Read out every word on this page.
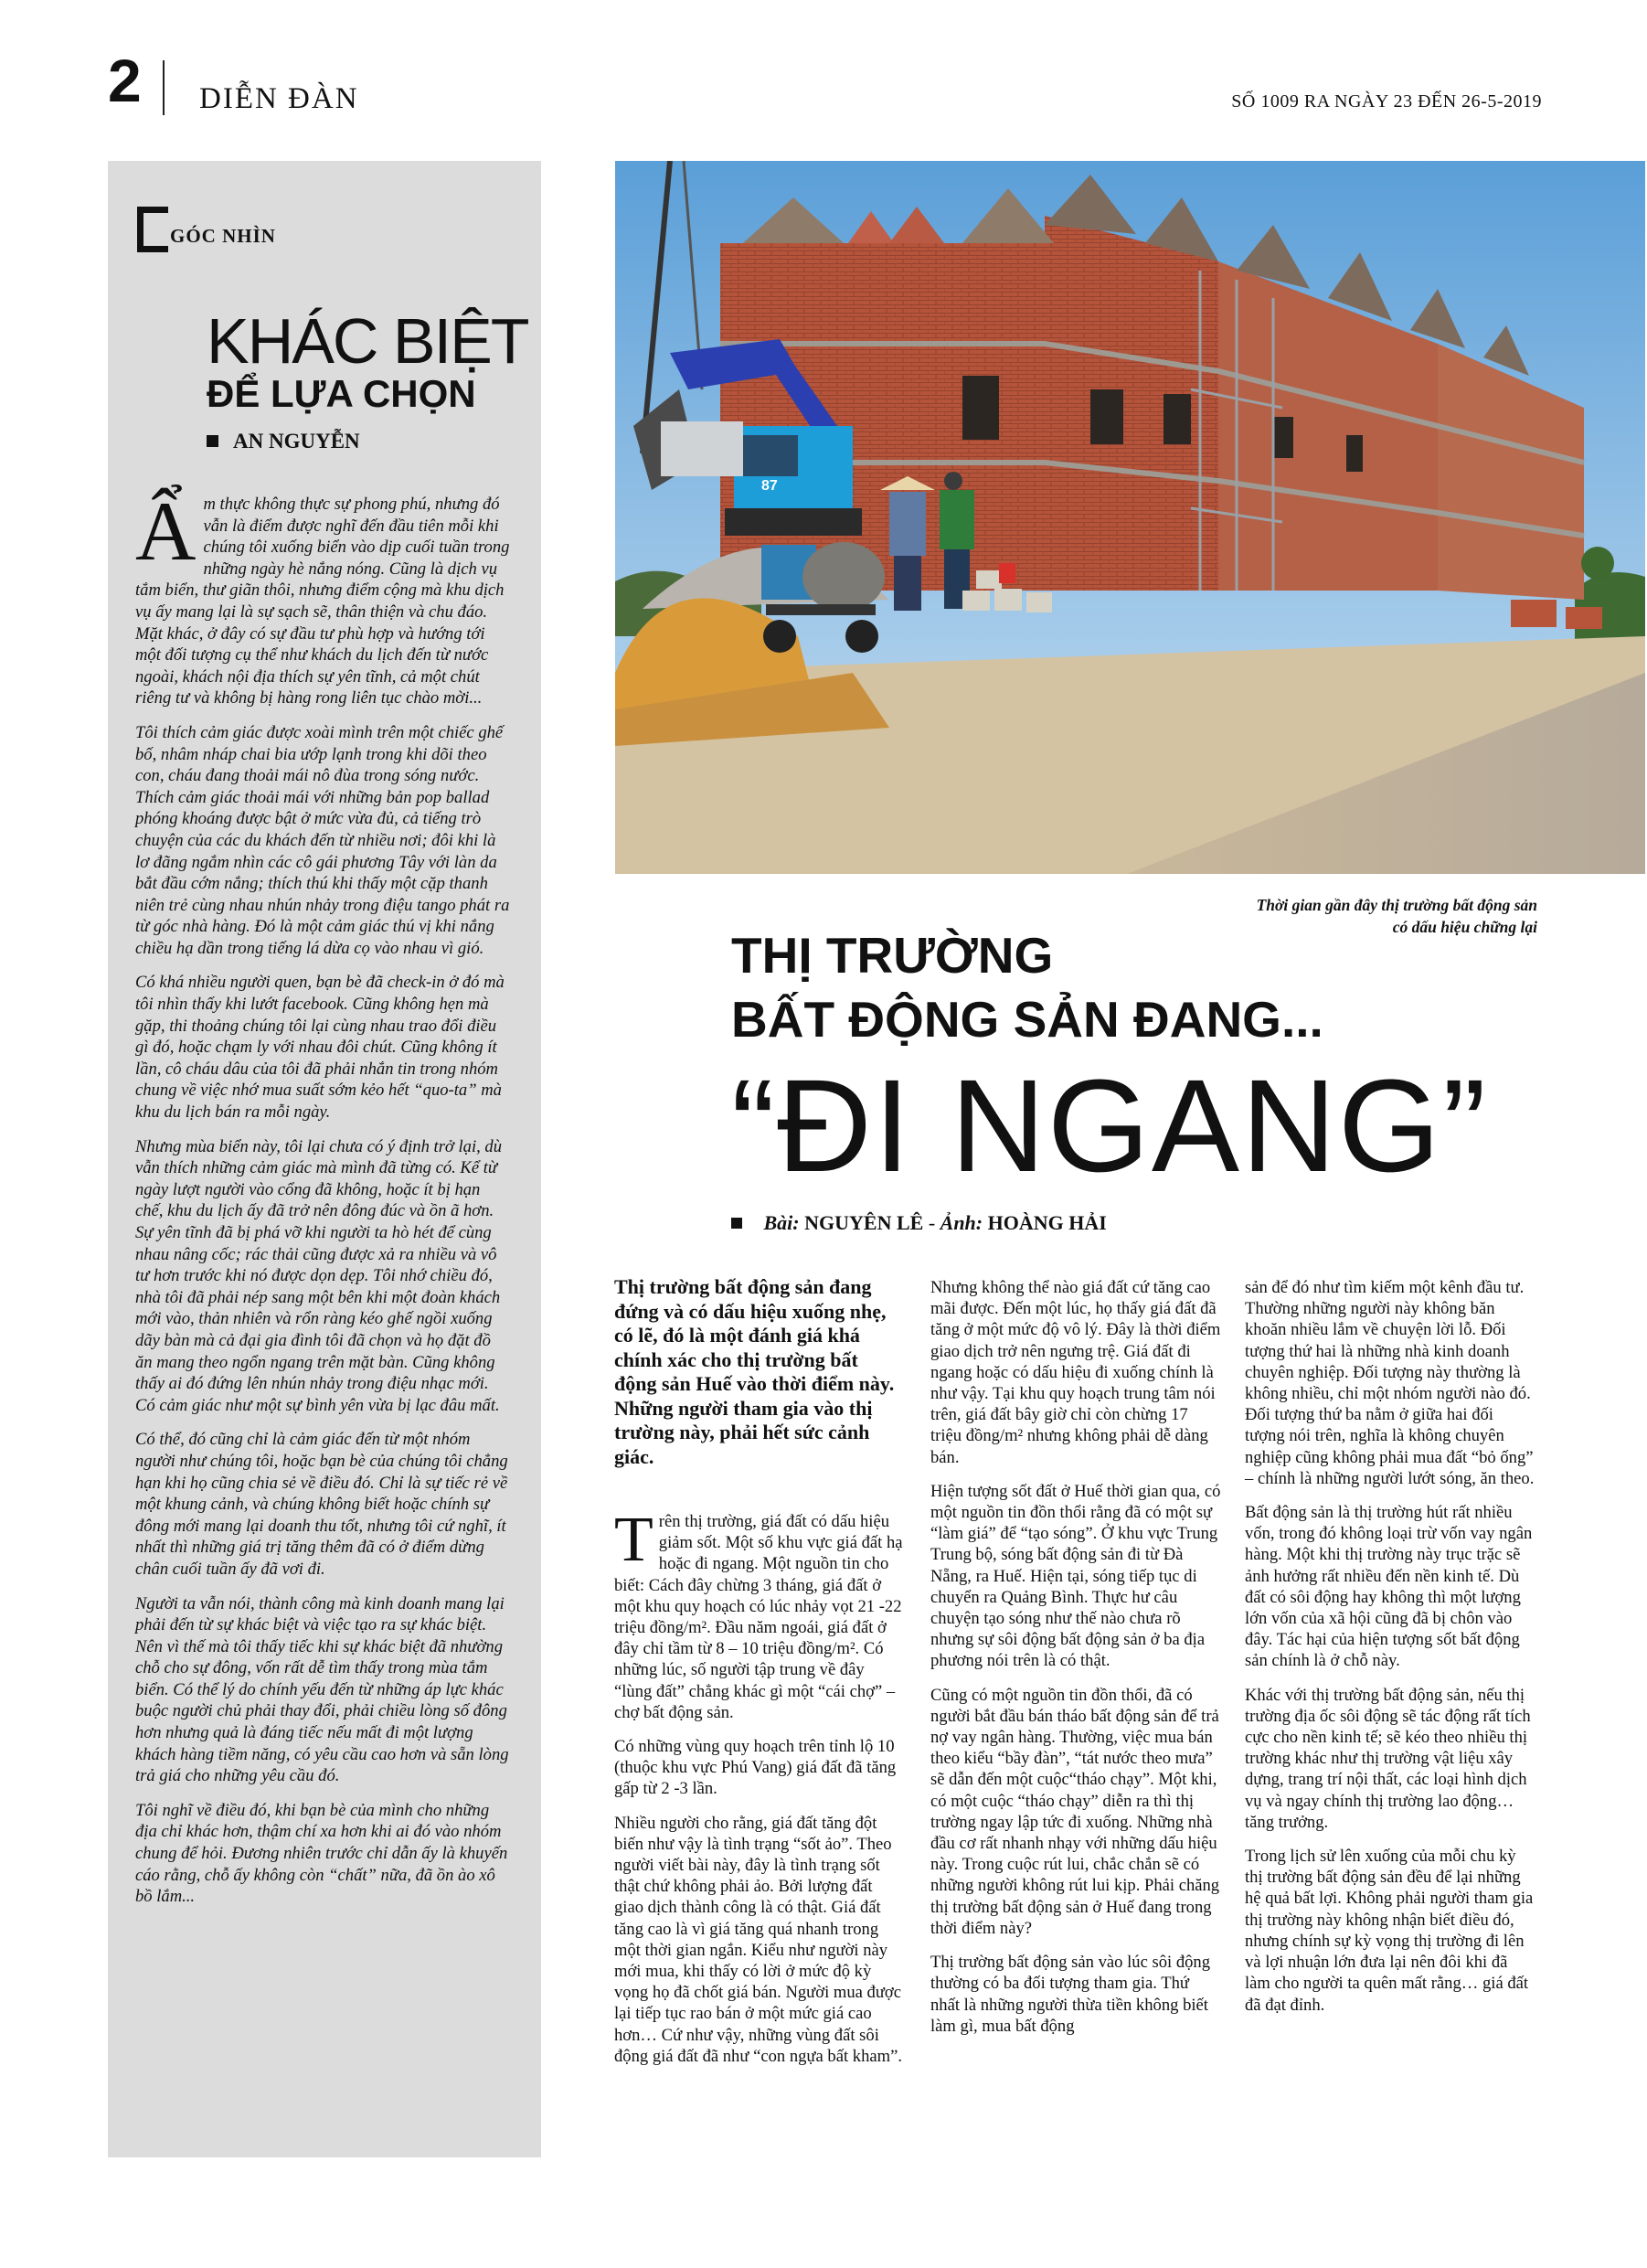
2 DIỄN ĐÀN	SỐ 1009 RA NGÀY 23 ĐẾN 26-5-2019
GÓC NHÌN
KHÁC BIỆT
ĐỂ LỰA CHỌN
AN NGUYỄN

Ẩm thực không thực sự phong phú, nhưng đó vẫn là điểm được nghĩ đến đầu tiên mỗi khi chúng tôi xuống biển vào dịp cuối tuần trong những ngày hè nắng nóng. Cũng là dịch vụ tắm biển, thư giãn thôi, nhưng điểm cộng mà khu dịch vụ ấy mang lại là sự sạch sẽ, thân thiện và chu đáo. Mặt khác, ở đây có sự đầu tư phù hợp và hướng tới một đối tượng cụ thể như khách du lịch đến từ nước ngoài, khách nội địa thích sự yên tĩnh, cả một chút riêng tư và không bị hàng rong liên tục chào mời...

Tôi thích cảm giác được xoài mình trên một chiếc ghế bố, nhâm nháp chai bia ướp lạnh trong khi dõi theo con, cháu đang thoải mái nô đùa trong sóng nước. Thích cảm giác thoải mái với những bản pop ballad phóng khoáng được bật ở mức vừa đủ, cả tiếng trò chuyện của các du khách đến từ nhiều nơi; đôi khi là lơ đãng ngắm nhìn các cô gái phương Tây với làn da bắt đầu cớm nắng; thích thú khi thấy một cặp thanh niên trẻ cùng nhau nhún nhảy trong điệu tango phát ra từ góc nhà hàng. Đó là một cảm giác thú vị khi nắng chiều hạ dần trong tiếng lá dừa cọ vào nhau vì gió.

Có khá nhiều người quen, bạn bè đã check-in ở đó mà tôi nhìn thấy khi lướt facebook. Cũng không hẹn mà gặp, thi thoảng chúng tôi lại cùng nhau trao đổi điều gì đó, hoặc chạm ly với nhau đôi chút. Cũng không ít lần, cô cháu dâu của tôi đã phải nhắn tin trong nhóm chung về việc nhớ mua suất sớm kẻo hết “quo-ta” mà khu du lịch bán ra mỗi ngày.

Nhưng mùa biển này, tôi lại chưa có ý định trở lại, dù vẫn thích những cảm giác mà mình đã từng có. Kể từ ngày lượt người vào cổng đã không, hoặc ít bị hạn chế, khu du lịch ấy đã trở nên đông đúc và ồn ã hơn. Sự yên tĩnh đã bị phá vỡ khi người ta hò hét để cùng nhau nâng cốc; rác thải cũng được xả ra nhiều và vô tư hơn trước khi nó được dọn dẹp. Tôi nhớ chiều đó, nhà tôi đã phải nép sang một bên khi một đoàn khách mới vào, thản nhiên và rổn ràng kéo ghế ngồi xuống dãy bàn mà cả đại gia đình tôi đã chọn và họ đặt đồ ăn mang theo ngổn ngang trên mặt bàn. Cũng không thấy ai đó đứng lên nhún nhảy trong điệu nhạc mới. Có cảm giác như một sự bình yên vừa bị lạc đâu mất.

Có thể, đó cũng chỉ là cảm giác đến từ một nhóm người như chúng tôi, hoặc bạn bè của chúng tôi chẳng hạn khi họ cũng chia sẻ về điều đó. Chỉ là sự tiếc rẻ về một khung cảnh, và chúng không biết hoặc chính sự đông mới mang lại doanh thu tốt, nhưng tôi cứ nghĩ, ít nhất thì những giá trị tăng thêm đã có ở điểm dừng chân cuối tuần ấy đã vơi đi.

Người ta vẫn nói, thành công mà kinh doanh mang lại phải đến từ sự khác biệt và việc tạo ra sự khác biệt. Nên vì thế mà tôi thấy tiếc khi sự khác biệt đã nhường chỗ cho sự đông, vốn rất dễ tìm thấy trong mùa tắm biển. Có thể lý do chính yếu đến từ những áp lực khác buộc người chủ phải thay đổi, phải chiều lòng số đông hơn nhưng quả là đáng tiếc nếu mất đi một lượng khách hàng tiềm năng, có yêu cầu cao hơn và sẵn lòng trả giá cho những yêu cầu đó.

Tôi nghĩ về điều đó, khi bạn bè của mình cho những địa chỉ khác hơn, thậm chí xa hơn khi ai đó vào nhóm chung để hỏi. Đương nhiên trước chỉ dẫn ấy là khuyến cáo rằng, chỗ ấy không còn “chất” nữa, đã ồn ào xô bồ lắm...

87
Thời gian gần đây thị trường bất động sản
có dấu hiệu chững lại
THỊ TRƯỜNG
BẤT ĐỘNG SẢN ĐANG...
“ĐI NGANG”
Bài: NGUYÊN LÊ - Ảnh: HOÀNG HẢI

Thị trường bất động sản đang đứng và có dấu hiệu xuống nhẹ, có lẽ, đó là một đánh giá khá chính xác cho thị trường bất động sản Huế vào thời điểm này. Những người tham gia vào thị trường này, phải hết sức cảnh giác.

Trên thị trường, giá đất có dấu hiệu giảm sốt. Một số khu vực giá đất hạ hoặc đi ngang. Một nguồn tin cho biết: Cách đây chừng 3 tháng, giá đất ở một khu quy hoạch có lúc nhảy vọt 21 -22 triệu đồng/m². Đầu năm ngoái, giá đất ở đây chỉ tầm từ 8 – 10 triệu đồng/m². Có những lúc, số người tập trung về đây “lùng đất” chẳng khác gì một “cái chợ” – chợ bất động sản.

Có những vùng quy hoạch trên tỉnh lộ 10 (thuộc khu vực Phú Vang) giá đất đã tăng gấp từ 2 -3 lần.

Nhiều người cho rằng, giá đất tăng đột biến như vậy là tình trạng “sốt ảo”. Theo người viết bài này, đây là tình trạng sốt thật chứ không phải ảo. Bởi lượng đất giao dịch thành công là có thật. Giá đất tăng cao là vì giá tăng quá nhanh trong một thời gian ngắn. Kiểu như người này mới mua, khi thấy có lời ở mức độ kỳ vọng họ đã chốt giá bán. Người mua được lại tiếp tục rao bán ở một mức giá cao hơn… Cứ như vậy, những vùng đất sôi động giá đất đã như “con ngựa bất kham”.

Nhưng không thể nào giá đất cứ tăng cao mãi được. Đến một lúc, họ thấy giá đất đã tăng ở một mức độ vô lý. Đây là thời điểm giao dịch trở nên ngưng trệ. Giá đất đi ngang hoặc có dấu hiệu đi xuống chính là như vậy. Tại khu quy hoạch trung tâm nói trên, giá đất bây giờ chỉ còn chừng 17 triệu đồng/m² nhưng không phải dễ dàng bán.

Hiện tượng sốt đất ở Huế thời gian qua, có một nguồn tin đồn thổi rằng đã có một sự “làm giá” để “tạo sóng”. Ở khu vực Trung Trung bộ, sóng bất động sản đi từ Đà Nẵng, ra Huế. Hiện tại, sóng tiếp tục di chuyển ra Quảng Bình. Thực hư câu chuyện tạo sóng như thế nào chưa rõ nhưng sự sôi động bất động sản ở ba địa phương nói trên là có thật.

Cũng có một nguồn tin đồn thổi, đã có người bắt đầu bán tháo bất động sản để trả nợ vay ngân hàng. Thường, việc mua bán theo kiểu “bầy đàn”, “tát nước theo mưa” sẽ dẫn đến một cuộc“tháo chạy”. Một khi, có một cuộc “tháo chạy” diễn ra thì thị trường ngay lập tức đi xuống. Những nhà đầu cơ rất nhanh nhạy với những dấu hiệu này. Trong cuộc rút lui, chắc chắn sẽ có những người không rút lui kịp. Phải chăng thị trường bất động sản ở Huế đang trong thời điểm này?

Thị trường bất động sản vào lúc sôi động thường có ba đối tượng tham gia. Thứ nhất là những người thừa tiền không biết làm gì, mua bất động

sản để đó như tìm kiếm một kênh đầu tư. Thường những người này không băn khoăn nhiều lắm về chuyện lời lỗ. Đối tượng thứ hai là những nhà kinh doanh chuyên nghiệp. Đối tượng này thường là không nhiều, chỉ một nhóm người nào đó. Đối tượng thứ ba nằm ở giữa hai đối tượng nói trên, nghĩa là không chuyên nghiệp cũng không phải mua đất “bỏ ống” – chính là những người lướt sóng, ăn theo.

Bất động sản là thị trường hút rất nhiều vốn, trong đó không loại trừ vốn vay ngân hàng. Một khi thị trường này trục trặc sẽ ảnh hưởng rất nhiều đến nền kinh tế. Dù đất có sôi động hay không thì một lượng lớn vốn của xã hội cũng đã bị chôn vào đây. Tác hại của hiện tượng sốt bất động sản chính là ở chỗ này.

Khác với thị trường bất động sản, nếu thị trường địa ốc sôi động sẽ tác động rất tích cực cho nền kinh tế; sẽ kéo theo nhiều thị trường khác như thị trường vật liệu xây dựng, trang trí nội thất, các loại hình dịch vụ và ngay chính thị trường lao động… tăng trưởng.

Trong lịch sử lên xuống của mỗi chu kỳ thị trường bất động sản đều để lại những hệ quả bất lợi. Không phải người tham gia thị trường này không nhận biết điều đó, nhưng chính sự kỳ vọng thị trường đi lên và lợi nhuận lớn đưa lại nên đôi khi đã làm cho người ta quên mất rằng… giá đất đã đạt đỉnh.
